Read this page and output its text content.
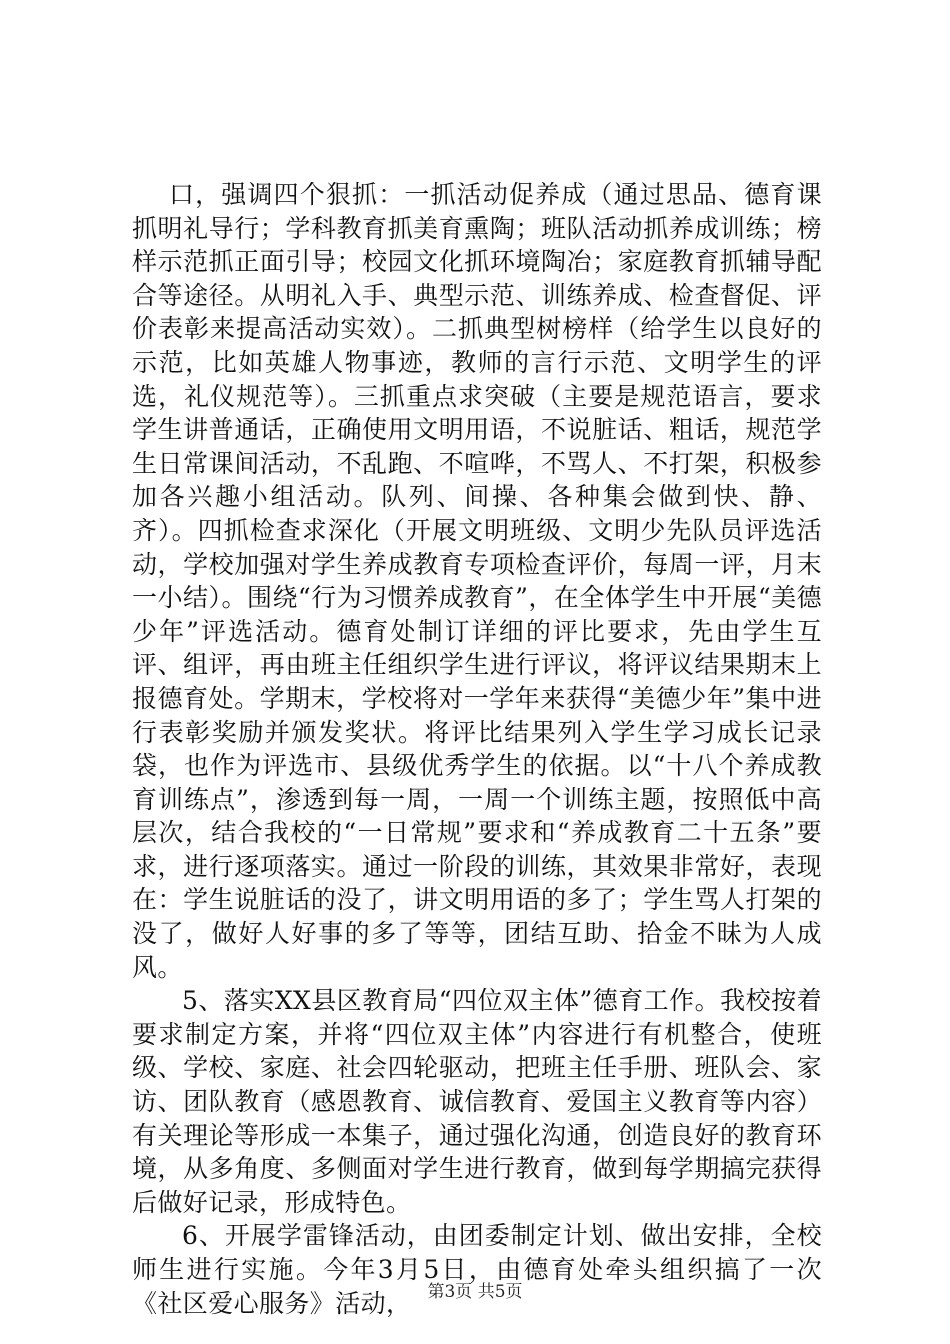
口，强调四个狠抓：一抓活动促养成（通过思品、德育课抓明礼导行；学科教育抓美育熏陶；班队活动抓养成训练；榜样示范抓正面引导；校园文化抓环境陶冶；家庭教育抓辅导配合等途径。从明礼入手、典型示范、训练养成、检查督促、评价表彰来提高活动实效）。二抓典型树榜样（给学生以良好的示范，比如英雄人物事迹，教师的言行示范、文明学生的评选，礼仪规范等）。三抓重点求突破（主要是规范语言，要求学生讲普通话，正确使用文明用语，不说脏话、粗话，规范学生日常课间活动，不乱跑、不喧哗，不骂人、不打架，积极参加各兴趣小组活动。队列、间操、各种集会做到快、静、齐）。四抓检查求深化（开展文明班级、文明少先队员评选活动，学校加强对学生养成教育专项检查评价，每周一评，月末一小结）。围绕“行为习惯养成教育”，在全体学生中开展“美德少年”评选活动。德育处制订详细的评比要求，先由学生互评、组评，再由班主任组织学生进行评议，将评议结果期末上报德育处。学期末，学校将对一学年来获得“美德少年”集中进行表彰奖励并颁发奖状。将评比结果列入学生学习成长记录袋，也作为评选市、县级优秀学生的依据。以“十八个养成教育训练点”，渗透到每一周，一周一个训练主题，按照低中高层次，结合我校的“一日常规”要求和“养成教育二十五条”要求，进行逐项落实。通过一阶段的训练，其效果非常好，表现在：学生说脏话的没了，讲文明用语的多了；学生骂人打架的没了，做好人好事的多了等等，团结互助、拾金不昧为人成风。

5、落实XX县区教育局“四位双主体”德育工作。我校按着要求制定方案，并将“四位双主体”内容进行有机整合，使班级、学校、家庭、社会四轮驱动，把班主任手册、班队会、家访、团队教育（感恩教育、诚信教育、爱国主义教育等内容）有关理论等形成一本集子，通过强化沟通，创造良好的教育环境，从多角度、多侧面对学生进行教育，做到每学期搞完获得后做好记录，形成特色。

6、开展学雷锋活动，由团委制定计划、做出安排，全校师生进行实施。今年3月5日，由德育处牵头组织搞了一次《社区爱心服务》活动， 第3页 共5页
